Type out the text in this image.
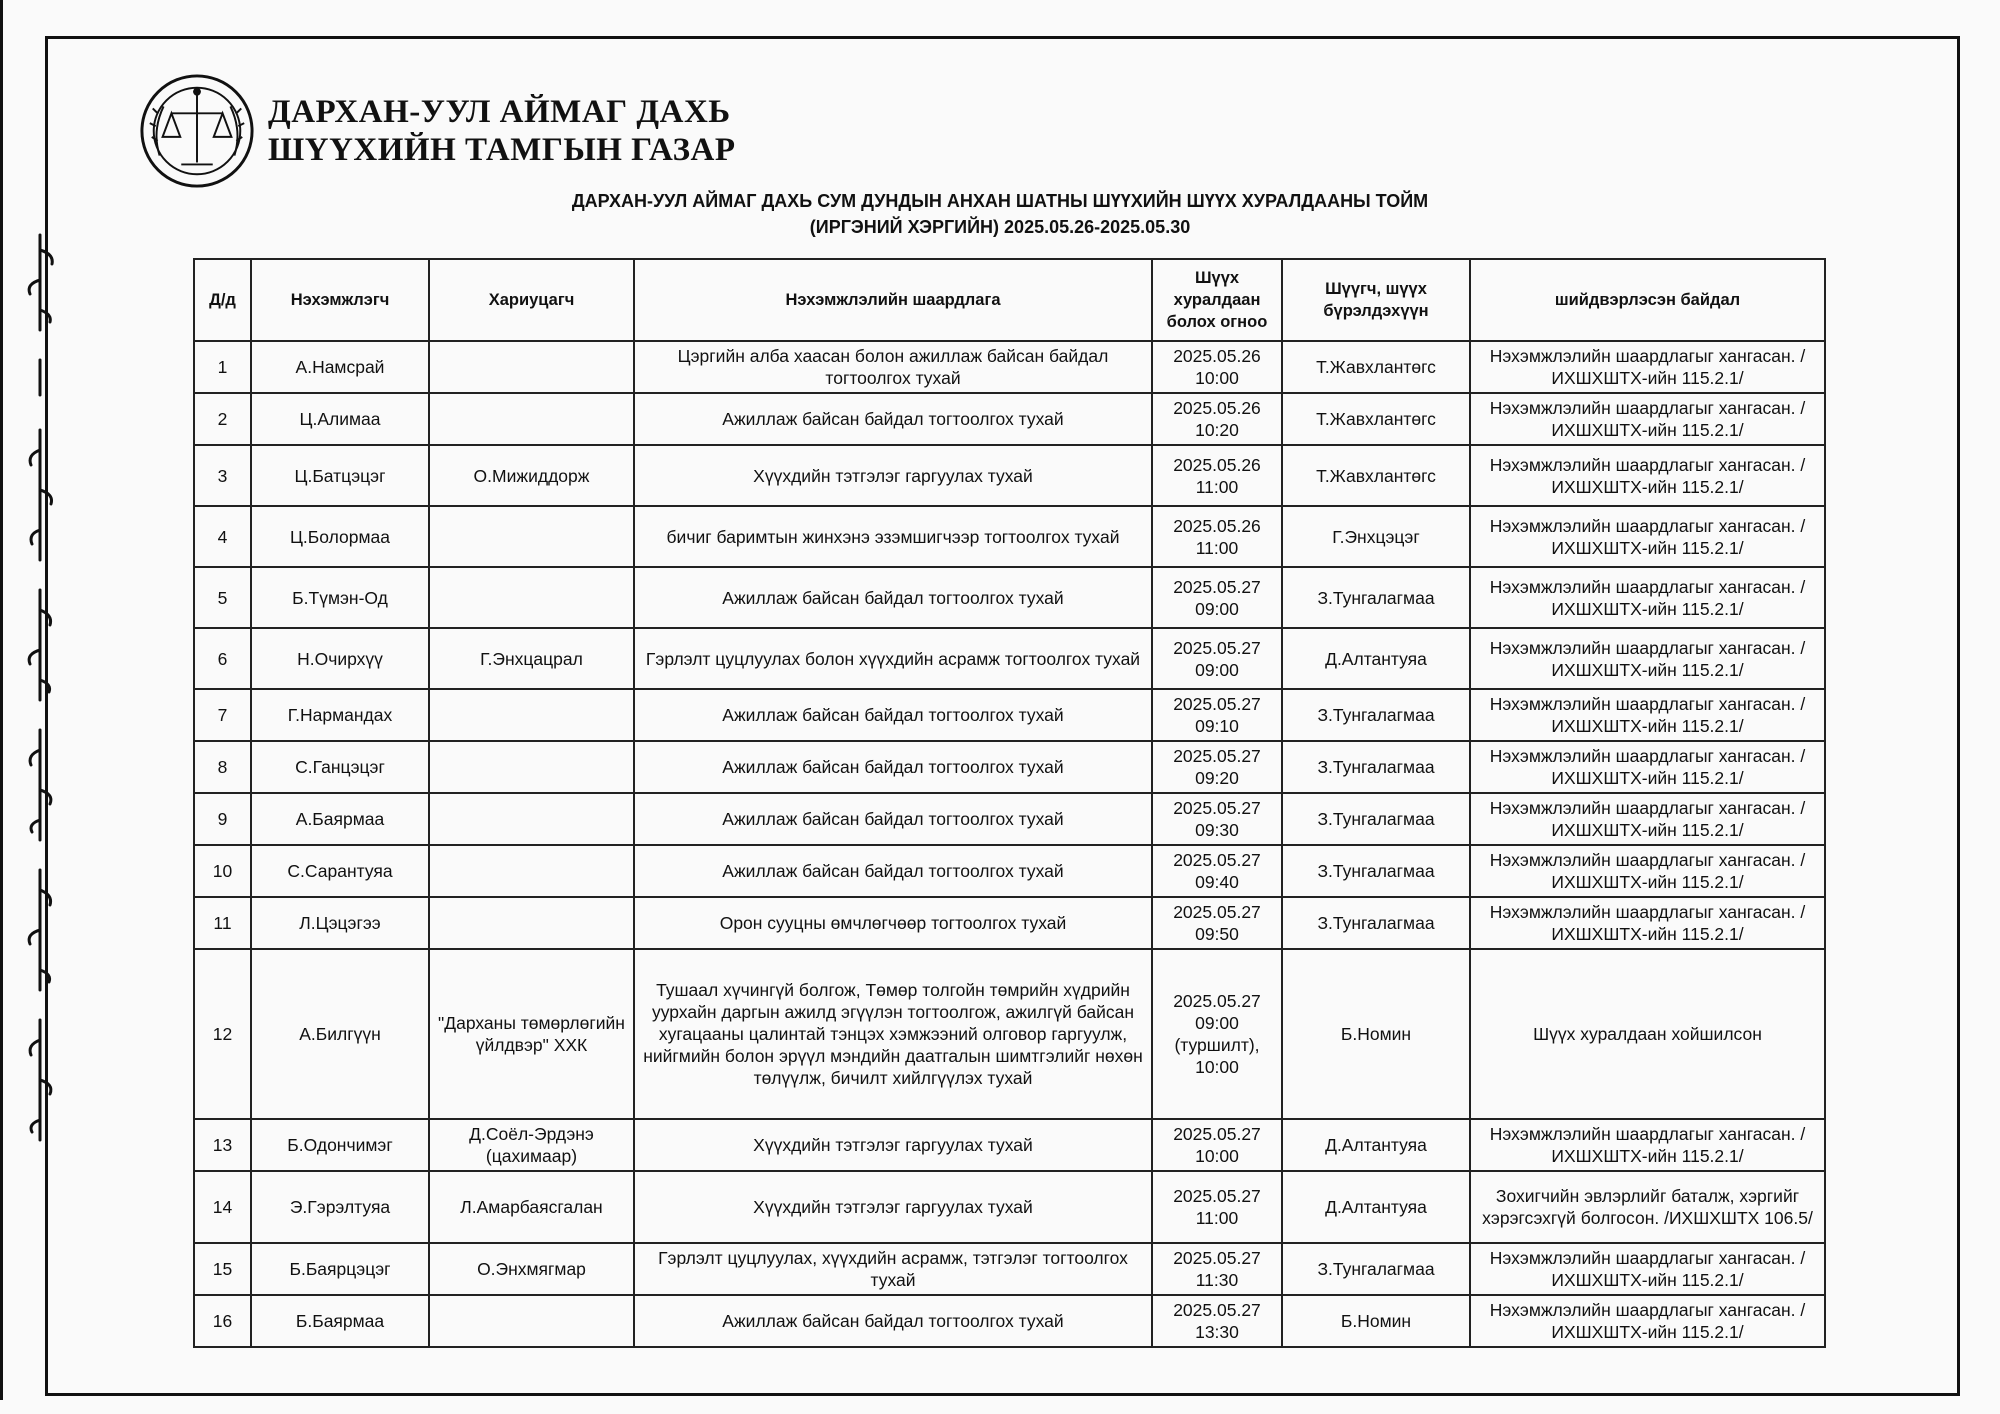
ДАРХАН-УУЛ АЙМАГ ДАХЬ
ШҮҮХИЙН ТАМГЫН ГАЗАР
ДАРХАН-УУЛ АЙМАГ ДАХЬ СУМ ДУНДЫН АНХАН ШАТНЫ ШҮҮХИЙН ШҮҮХ ХУРАЛДААНЫ ТОЙМ
(ИРГЭНИЙ ХЭРГИЙН) 2025.05.26-2025.05.30
Д/д	Нэхэмжлэгч	Хариуцагч	Нэхэмжлэлийн шаардлага	Шүүх хуралдаан болох огноо	Шүүгч, шүүх бүрэлдэхүүн	шийдвэрлэсэн байдал

1	А.Намсрай		Цэргийн алба хаасан болон ажиллаж байсан байдал тогтоолгох тухай	2025.05.26
10:00	Т.Жавхлантөгс	Нэхэмжлэлийн шаардлагыг хангасан. /ИХШХШТХ-ийн 115.2.1/

2	Ц.Алимаа		Ажиллаж байсан байдал тогтоолгох тухай	2025.05.26
10:20	Т.Жавхлантөгс	Нэхэмжлэлийн шаардлагыг хангасан. /ИХШХШТХ-ийн 115.2.1/

3	Ц.Батцэцэг	О.Мижиддорж	Хүүхдийн тэтгэлэг гаргуулах тухай	2025.05.26
11:00	Т.Жавхлантөгс	Нэхэмжлэлийн шаардлагыг хангасан. /ИХШХШТХ-ийн 115.2.1/

4	Ц.Болормаа		бичиг баримтын жинхэнэ эзэмшигчээр тогтоолгох тухай	2025.05.26
11:00	Г.Энхцэцэг	Нэхэмжлэлийн шаардлагыг хангасан. /ИХШХШТХ-ийн 115.2.1/

5	Б.Түмэн-Од		Ажиллаж байсан байдал тогтоолгох тухай	2025.05.27
09:00	З.Тунгалагмаа	Нэхэмжлэлийн шаардлагыг хангасан. /ИХШХШТХ-ийн 115.2.1/

6	Н.Очирхүү	Г.Энхцацрал	Гэрлэлт цуцлуулах болон хүүхдийн асрамж тогтоолгох тухай	2025.05.27
09:00	Д.Алтантуяа	Нэхэмжлэлийн шаардлагыг хангасан. /ИХШХШТХ-ийн 115.2.1/

7	Г.Нармандах		Ажиллаж байсан байдал тогтоолгох тухай	2025.05.27
09:10	З.Тунгалагмаа	Нэхэмжлэлийн шаардлагыг хангасан. /ИХШХШТХ-ийн 115.2.1/

8	С.Ганцэцэг		Ажиллаж байсан байдал тогтоолгох тухай	2025.05.27
09:20	З.Тунгалагмаа	Нэхэмжлэлийн шаардлагыг хангасан. /ИХШХШТХ-ийн 115.2.1/

9	А.Баярмаа		Ажиллаж байсан байдал тогтоолгох тухай	2025.05.27
09:30	З.Тунгалагмаа	Нэхэмжлэлийн шаардлагыг хангасан. /ИХШХШТХ-ийн 115.2.1/

10	С.Сарантуяа		Ажиллаж байсан байдал тогтоолгох тухай	2025.05.27
09:40	З.Тунгалагмаа	Нэхэмжлэлийн шаардлагыг хангасан. /ИХШХШТХ-ийн 115.2.1/

11	Л.Цэцэгээ		Орон сууцны өмчлөгчөөр тогтоолгох тухай	2025.05.27
09:50	З.Тунгалагмаа	Нэхэмжлэлийн шаардлагыг хангасан. /ИХШХШТХ-ийн 115.2.1/

12	А.Билгүүн	"Дарханы төмөрлөгийн үйлдвэр" ХХК	Тушаал хүчингүй болгож, Төмөр толгойн төмрийн хүдрийн уурхайн даргын ажилд эгүүлэн тогтоолгож, ажилгүй байсан хугацааны цалинтай тэнцэх хэмжээний олговор гаргуулж, нийгмийн болон эрүүл мэндийн даатгалын шимтгэлийг нөхөн төлүүлж, бичилт хийлгүүлэх тухай	2025.05.27
09:00 (туршилт), 10:00	Б.Номин	Шүүх хуралдаан хойшилсон

13	Б.Одончимэг	Д.Соёл-Эрдэнэ (цахимаар)	Хүүхдийн тэтгэлэг гаргуулах тухай	2025.05.27
10:00	Д.Алтантуяа	Нэхэмжлэлийн шаардлагыг хангасан. /ИХШХШТХ-ийн 115.2.1/

14	Э.Гэрэлтуяа	Л.Амарбаясгалан	Хүүхдийн тэтгэлэг гаргуулах тухай	2025.05.27
11:00	Д.Алтантуяа	Зохигчийн эвлэрлийг баталж, хэргийг хэрэгсэхгүй болгосон. /ИХШХШТХ 106.5/

15	Б.Баярцэцэг	О.Энхмягмар	Гэрлэлт цуцлуулах, хүүхдийн асрамж, тэтгэлэг тогтоолгох тухай	2025.05.27
11:30	З.Тунгалагмаа	Нэхэмжлэлийн шаардлагыг хангасан. /ИХШХШТХ-ийн 115.2.1/

16	Б.Баярмаа		Ажиллаж байсан байдал тогтоолгох тухай	2025.05.27
13:30	Б.Номин	Нэхэмжлэлийн шаардлагыг хангасан. /ИХШХШТХ-ийн 115.2.1/
